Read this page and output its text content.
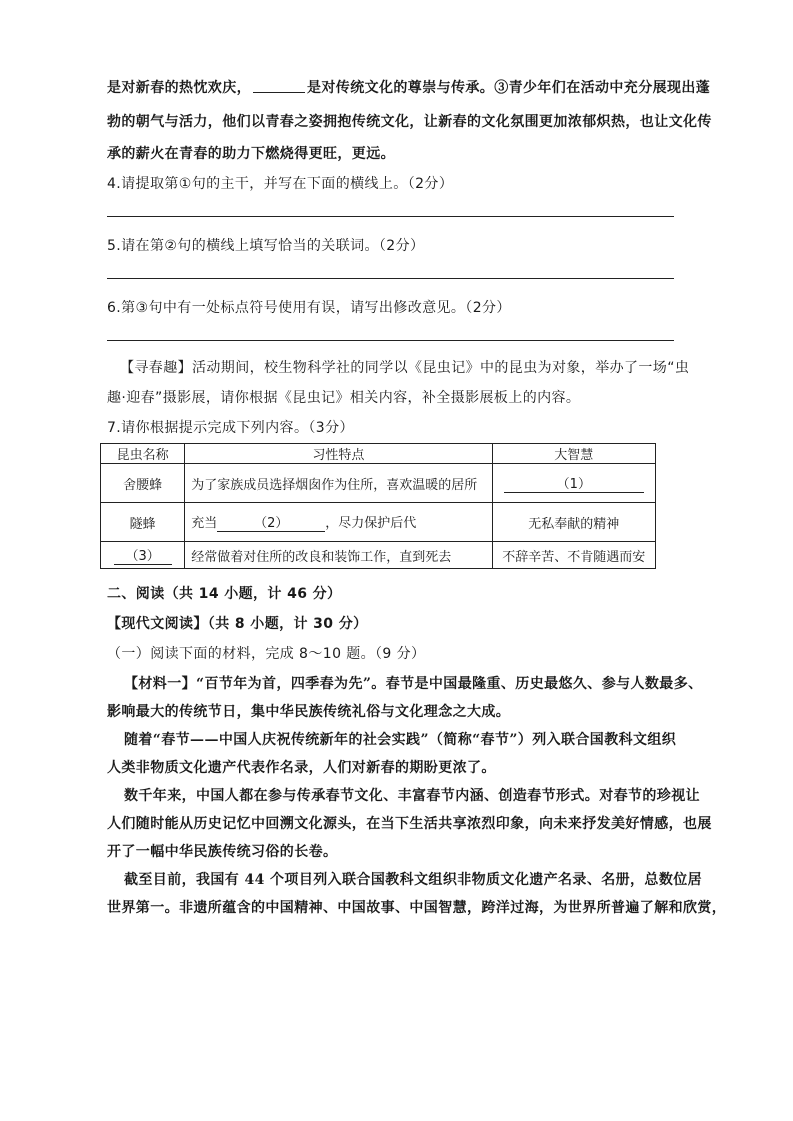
是对新春的热忱欢庆，	是对传统文化的尊崇与传承。③青少年们在活动中充分展现出蓬
勃的朝气与活力，他们以青春之姿拥抱传统文化，让新春的文化氛围更加浓郁炽热，也让文化传
承的薪火在青春的助力下燃烧得更旺，更远。
4.请提取第①句的主干，并写在下面的横线上。（2分）
5.请在第②句的横线上填写恰当的关联词。（2分）
6.第③句中有一处标点符号使用有误，请写出修改意见。（2分）
【寻春趣】活动期间，校生物科学社的同学以《昆虫记》中的昆虫为对象，举办了一场“虫
趣·迎春”摄影展，请你根据《昆虫记》相关内容，补全摄影展板上的内容。
7.请你根据提示完成下列内容。（3分）
昆虫名称	习性特点	大智慧
舍腰蜂	为了家族成员选择烟囱作为住所，喜欢温暖的居所	（1）
隧蜂	充当 （2） ，尽力保护后代	无私奉献的精神
（3）	经常做着对住所的改良和装饰工作，直到死去	不辞辛苦、不肯随遇而安
二、阅读（共 14 小题，计 46 分）
【现代文阅读】（共 8 小题，计 30 分）
（一）阅读下面的材料，完成 8～10 题。（9 分）
【材料一】“百节年为首，四季春为先”。春节是中国最隆重、历史最悠久、参与人数最多、
影响最大的传统节日，集中华民族传统礼俗与文化理念之大成。
随着“春节——中国人庆祝传统新年的社会实践”（简称“春节”）列入联合国教科文组织
人类非物质文化遗产代表作名录，人们对新春的期盼更浓了。
数千年来，中国人都在参与传承春节文化、丰富春节内涵、创造春节形式。对春节的珍视让
人们随时能从历史记忆中回溯文化源头，在当下生活共享浓烈印象，向未来抒发美好情感，也展
开了一幅中华民族传统习俗的长卷。
截至目前，我国有 44 个项目列入联合国教科文组织非物质文化遗产名录、名册，总数位居
世界第一。非遗所蕴含的中国精神、中国故事、中国智慧，跨洋过海，为世界所普遍了解和欣赏，
